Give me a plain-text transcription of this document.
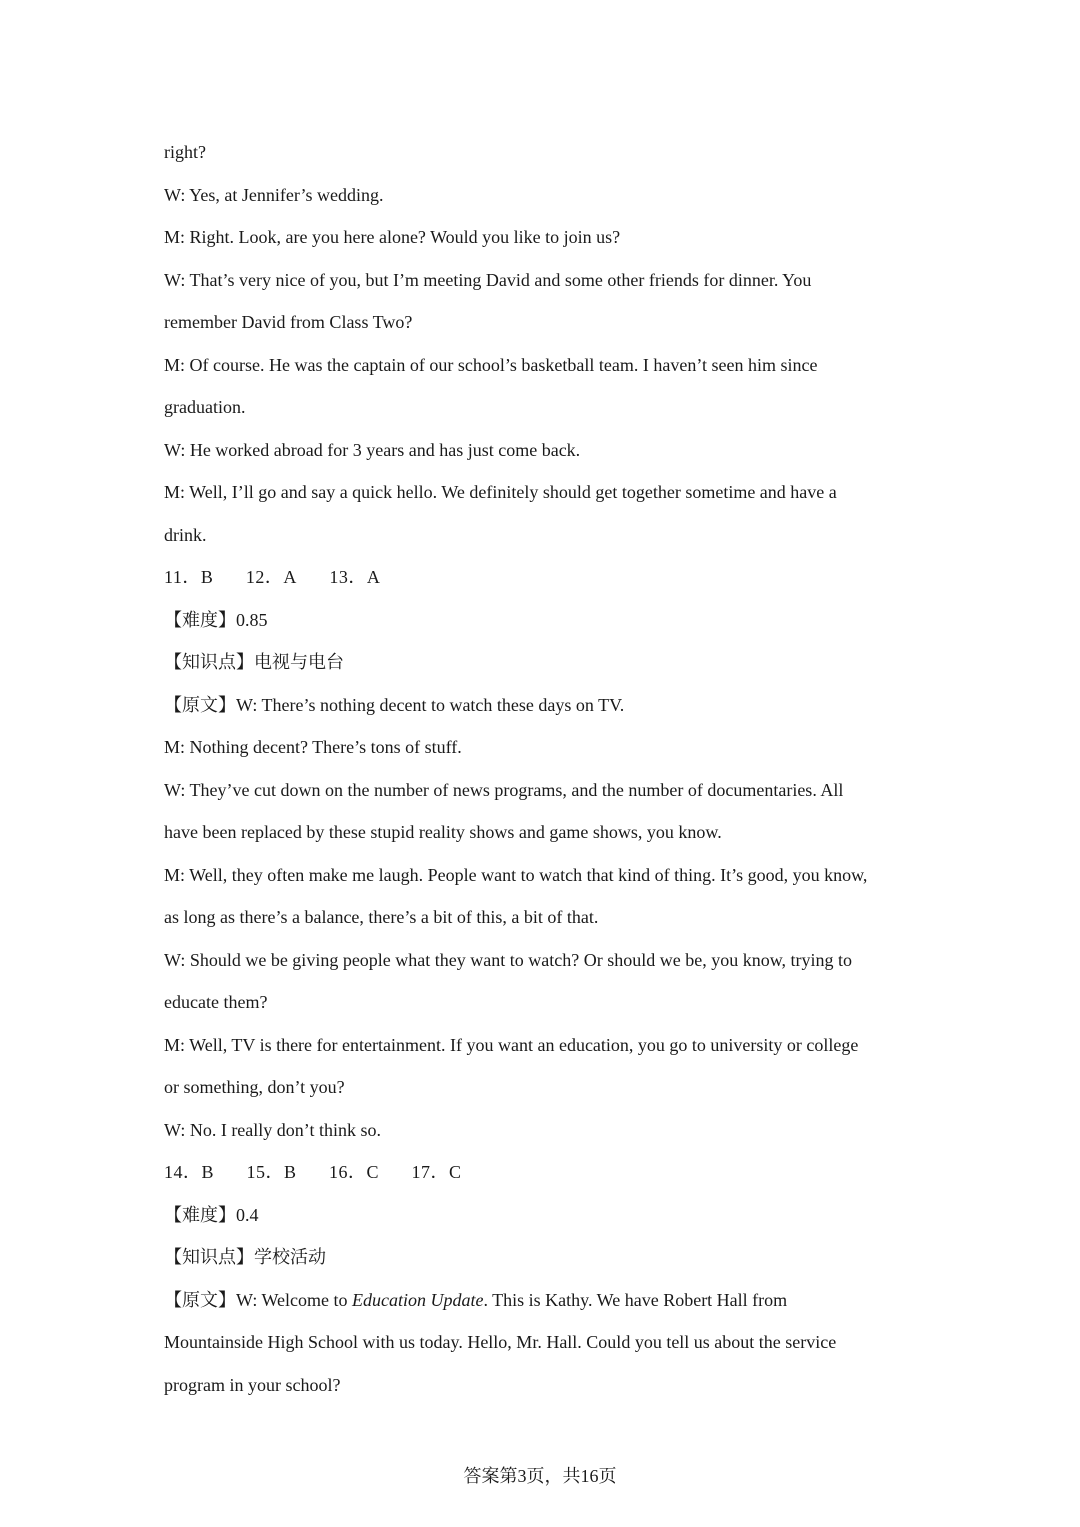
right?
W: Yes, at Jennifer’s wedding.
M: Right. Look, are you here alone? Would you like to join us?
W: That’s very nice of you, but I’m meeting David and some other friends for dinner. You
remember David from Class Two?
M: Of course. He was the captain of our school’s basketball team. I haven’t seen him since
graduation.
W: He worked abroad for 3 years and has just come back.
M: Well, I’ll go and say a quick hello. We definitely should get together sometime and have a
drink.
11．B 12．A 13．A
【难度】0.85
【知识点】电视与电台
【原文】W: There’s nothing decent to watch these days on TV.
M: Nothing decent? There’s tons of stuff.
W: They’ve cut down on the number of news programs, and the number of documentaries. All
have been replaced by these stupid reality shows and game shows, you know.
M: Well, they often make me laugh. People want to watch that kind of thing. It’s good, you know,
as long as there’s a balance, there’s a bit of this, a bit of that.
W: Should we be giving people what they want to watch? Or should we be, you know, trying to
educate them?
M: Well, TV is there for entertainment. If you want an education, you go to university or college
or something, don’t you?
W: No. I really don’t think so.
14．B 15．B 16．C 17．C
【难度】0.4
【知识点】学校活动
【原文】W: Welcome to Education Update. This is Kathy. We have Robert Hall from
Mountainside High School with us today. Hello, Mr. Hall. Could you tell us about the service
program in your school?
答案第3页，共16页
